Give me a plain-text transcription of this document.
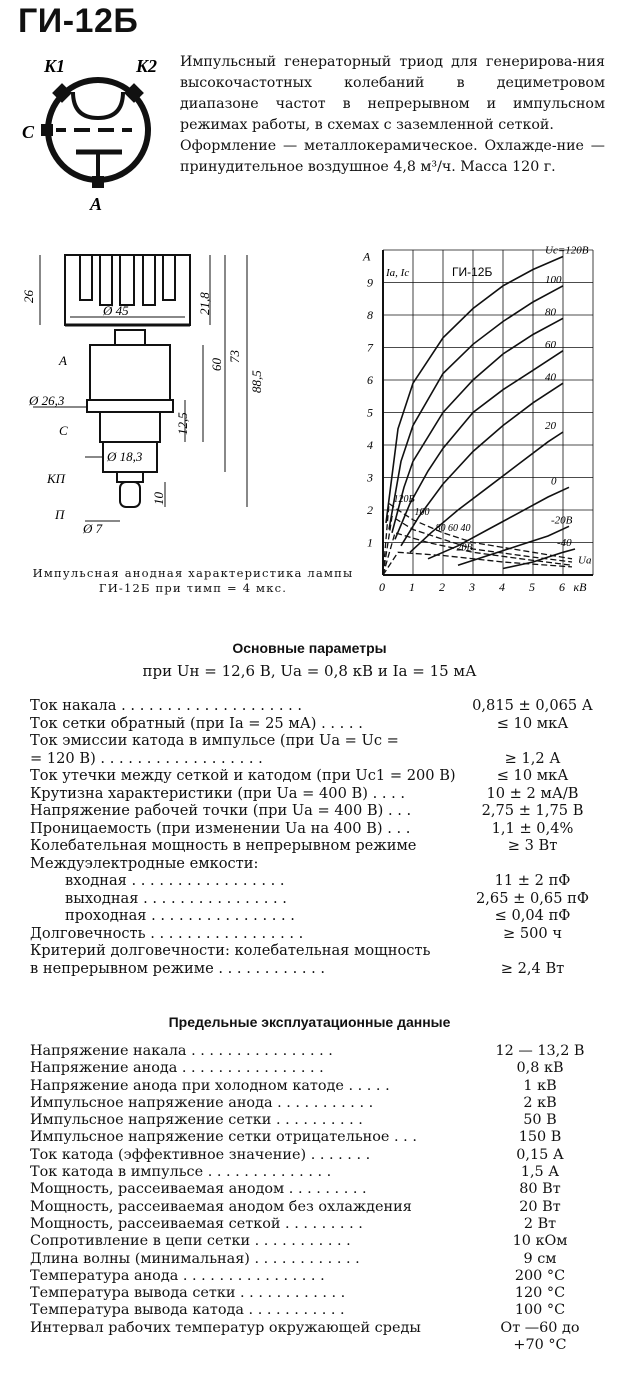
ГИ-12Б
K1	K2
C
A

Импульсный генераторный триод для генерирова-ния высокочастотных колебаний в дециметровом диапазоне частот в непрерывном и импульсном режимах работы, в схемах с заземленной сеткой.

Оформление — металлокерамическое. Охлажде-ние — принудительное воздушное 4,8 м³/ч. Масса 120 г.

26
Ø 45	21,8
60
73
88,5
Ø 26,3
12,5
Ø 18,3
10
Ø 7
A
C
КП
П
Импульсная анодная характеристика лампы ГИ-12Б при τимп = 4 мкс.	0 1 2 3 4 5 6
1
2
3
4
5
6
7
8
9
A
кВ
ГИ-12Б
Ia, Ic
Ua
Uc=120В
100
80
60
40
20
0
-20В
-40
120В
100
80 60 40
20В
Основные параметры
при Uн = 12,6 В, Uа = 0,8 кВ и Iа = 15 мА
Ток накала . . . . . . . . . . . . . . . . . . . .	0,815 ± 0,065 А
Ток сетки обратный (при Iа = 25 мА) . . . . .	≤ 10 мкА
Ток эмиссии катода в импульсе (при Uа = Uс =
= 120 В) . . . . . . . . . . . . . . . . . .	≥ 1,2 А
Ток утечки между сеткой и катодом (при Uс1 = 200 В)	≤ 10 мкА
Крутизна характеристики (при Uа = 400 В) . . . .	10 ± 2 мА/В
Напряжение рабочей точки (при Uа = 400 В) . . .	2,75 ± 1,75 В
Проницаемость (при изменении Uа на 400 В) . . .	1,1 ± 0,4%
Колебательная мощность в непрерывном режиме	≥ 3 Вт
Междуэлектродные емкости:
входная . . . . . . . . . . . . . . . . .	11 ± 2 пФ
выходная . . . . . . . . . . . . . . . .	2,65 ± 0,65 пФ
проходная . . . . . . . . . . . . . . . .	≤ 0,04 пФ
Долговечность . . . . . . . . . . . . . . . . .	≥ 500 ч
Критерий долговечности: колебательная мощность
в непрерывном режиме . . . . . . . . . . . .	≥ 2,4 Вт
Предельные эксплуатационные данные
Напряжение накала . . . . . . . . . . . . . . . .	12 — 13,2 В
Напряжение анода . . . . . . . . . . . . . . . .	0,8 кВ
Напряжение анода при холодном катоде . . . . .	1 кВ
Импульсное напряжение анода . . . . . . . . . . .	2 кВ
Импульсное напряжение сетки . . . . . . . . . .	50 В
Импульсное напряжение сетки отрицательное . . .	150 В
Ток катода (эффективное значение) . . . . . . .	0,15 А
Ток катода в импульсе . . . . . . . . . . . . . .	1,5 А
Мощность, рассеиваемая анодом . . . . . . . . .	80 Вт
Мощность, рассеиваемая анодом без охлаждения	20 Вт
Мощность, рассеиваемая сеткой . . . . . . . . .	2 Вт
Сопротивление в цепи сетки . . . . . . . . . . .	10 кОм
Длина волны (минимальная) . . . . . . . . . . . .	9 см
Температура анода . . . . . . . . . . . . . . . .	200 °С
Температура вывода сетки . . . . . . . . . . . .	120 °С
Температура вывода катода . . . . . . . . . . .	100 °С
Интервал рабочих температур окружающей среды	От —60 до
+70 °С
